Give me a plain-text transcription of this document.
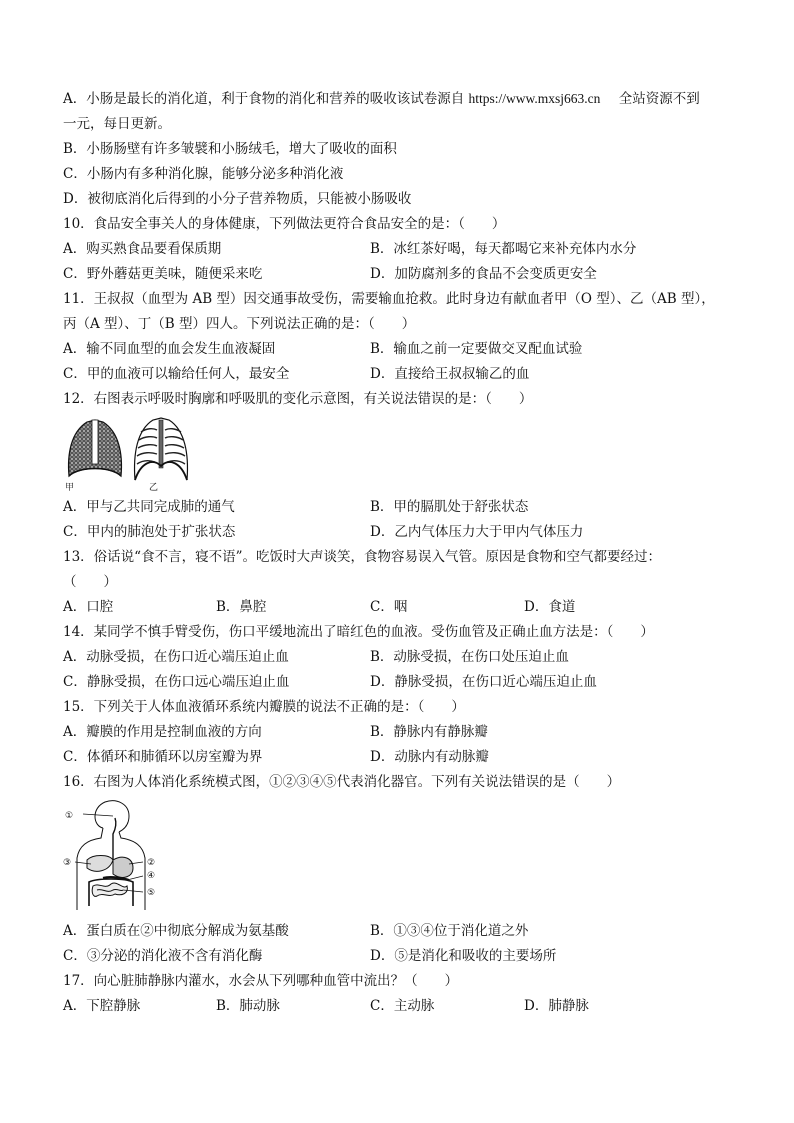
A．小肠是最长的消化道，利于食物的消化和营养的吸收该试卷源自 https://www.mxsj663.cn 全站资源不到
一元，每日更新。
B．小肠肠壁有许多皱襞和小肠绒毛，增大了吸收的面积
C．小肠内有多种消化腺，能够分泌多种消化液
D．被彻底消化后得到的小分子营养物质，只能被小肠吸收
10．食品安全事关人的身体健康，下列做法更符合食品安全的是：（　　）
A．购买熟食品要看保质期	B．冰红茶好喝，每天都喝它来补充体内水分
C．野外蘑菇更美味，随便采来吃	D．加防腐剂多的食品不会变质更安全
11．王叔叔（血型为 AB 型）因交通事故受伤，需要输血抢救。此时身边有献血者甲（O 型）、乙（AB 型），
丙（A 型）、丁（B 型）四人。下列说法正确的是：（　　）
A．输不同血型的血会发生血液凝固	B．输血之前一定要做交叉配血试验
C．甲的血液可以输给任何人，最安全	D．直接给王叔叔输乙的血
12．右图表示呼吸时胸廓和呼吸肌的变化示意图，有关说法错误的是：（　　）
甲	乙
A．甲与乙共同完成肺的通气	B．甲的膈肌处于舒张状态
C．甲内的肺泡处于扩张状态	D．乙内气体压力大于甲内气体压力
13．俗话说“食不言，寝不语”。吃饭时大声谈笑，食物容易误入气管。原因是食物和空气都要经过：
（　　）
A．口腔	B．鼻腔	C．咽	D．食道
14．某同学不慎手臂受伤，伤口平缓地流出了暗红色的血液。受伤血管及正确止血方法是：（　　）
A．动脉受损，在伤口近心端压迫止血	B．动脉受损，在伤口处压迫止血
C．静脉受损，在伤口远心端压迫止血	D．静脉受损，在伤口近心端压迫止血
15．下列关于人体血液循环系统内瓣膜的说法不正确的是：（　　）
A．瓣膜的作用是控制血液的方向	B．静脉内有静脉瓣
C．体循环和肺循环以房室瓣为界	D．动脉内有动脉瓣
16．右图为人体消化系统模式图，①②③④⑤代表消化器官。下列有关说法错误的是（　　）
①
②
③
④
⑤
A．蛋白质在②中彻底分解成为氨基酸	B．①③④位于消化道之外
C．③分泌的消化液不含有消化酶	D．⑤是消化和吸收的主要场所
17．向心脏肺静脉内灌水，水会从下列哪种血管中流出？（　　）
A．下腔静脉	B．肺动脉	C．主动脉	D．肺静脉
